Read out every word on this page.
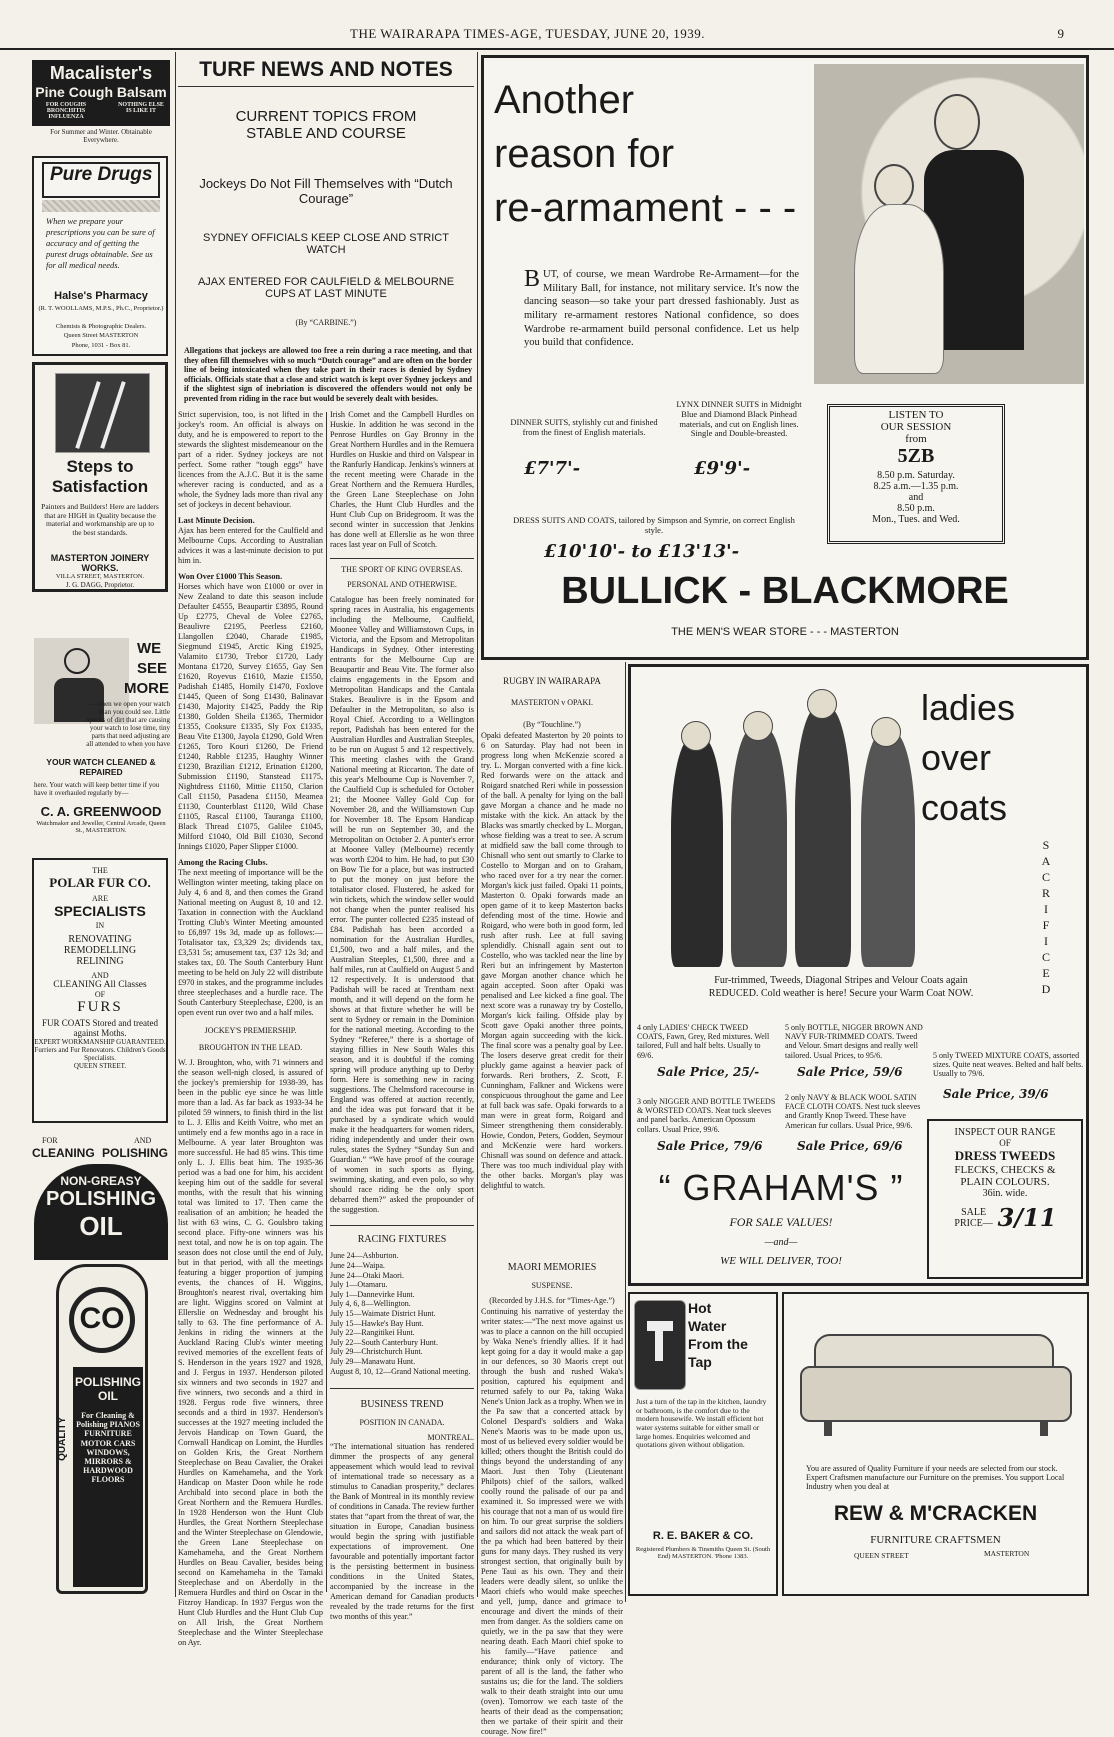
THE WAIRARAPA TIMES-AGE, TUESDAY, JUNE 20, 1939.	9
Macalister's
Pine Cough Balsam
FOR COUGHS BRONCHITIS INFLUENZA
NOTHING ELSE IS LIKE IT
For Summer and Winter. Obtainable Everywhere.
Pure Drugs
When we prepare your prescriptions you can be sure of accuracy and of getting the purest drugs obtainable. See us for all medical needs.
Halse's Pharmacy
(R. T. WOOLLAMS, M.P.S., Ph.C., Proprietor.)
Chemists & Photographic Dealers.
Queen Street MASTERTON
Phone, 1031 - Box 81.
Steps to
Satisfaction
Painters and Builders! Here are ladders that are HIGH in Quality because the material and workmanship are up to the best standards.
MASTERTON JOINERY WORKS.
VILLA STREET, MASTERTON.
J. G. DAGG, Proprietor.
WE
SEE
MORE
—when we open your watch than you could see. Little specks of dirt that are causing your watch to lose time, tiny parts that need adjusting are all attended to when you have
YOUR WATCH CLEANED & REPAIRED
here. Your watch will keep better time if you have it overhauled regularly by—
C. A. GREENWOOD
Watchmaker and Jeweller, Central Arcade, Queen St., MASTERTON.
THE
POLAR FUR CO.
ARE
SPECIALISTS
IN
RENOVATING
REMODELLING
RELINING
AND
CLEANING All Classes
OF
FURS
FUR COATS Stored and treated against Moths.
EXPERT WORKMANSHIP GUARANTEED.
Furriers and Fur Renovators. Children's Goods Specialists.
QUEEN STREET.
FOR	AND
CLEANING POLISHING
NON-GREASY
POLISHING
OIL
CO
QUALITY
POLISHING OIL
For Cleaning & Polishing PIANOS FURNITURE MOTOR CARS WINDOWS, MIRRORS & HARDWOOD FLOORS
TURF NEWS AND NOTES
CURRENT TOPICS FROM STABLE AND COURSE
Jockeys Do Not Fill Themselves with “Dutch Courage”
SYDNEY OFFICIALS KEEP CLOSE AND STRICT WATCH
AJAX ENTERED FOR CAULFIELD & MELBOURNE CUPS AT LAST MINUTE
(By “CARBINE.”)
Allegations that jockeys are allowed too free a rein during a race meeting, and that they often fill themselves with so much “Dutch courage” and are often on the border line of being intoxicated when they take part in their races is denied by Sydney officials. Officials state that a close and strict watch is kept over Sydney jockeys and if the slightest sign of inebriation is discovered the offenders would not only be prevented from riding in the race but would be severely dealt with besides.
Strict supervision, too, is not lifted in the jockey's room. An official is always on duty, and he is empowered to report to the stewards the slightest misdemeanour on the part of a rider. Sydney jockeys are not perfect. Some rather “tough eggs” have licences from the A.J.C. But it is the same wherever racing is conducted, and as a whole, the Sydney lads more than rival any set of jockeys in decent behaviour.
Last Minute Decision.
Ajax has been entered for the Caulfield and Melbourne Cups. According to Australian advices it was a last-minute decision to put him in.
Won Over £1000 This Season.
Horses which have won £1000 or over in New Zealand to date this season include Defaulter £4555, Beaupartir £3895, Round Up £2775, Cheval de Volee £2765, Beaulivre £2195, Peerless £2160, Llangollen £2040, Charade £1985, Siegmund £1945, Arctic King £1925, Valamito £1730, Trebor £1720, Lady Montana £1720, Survey £1655, Gay Sen £1620, Royevus £1610, Mazie £1550, Padishah £1485, Homily £1470, Foxlove £1445, Queen of Song £1430, Balinavar £1430, Majority £1425, Paddy the Rip £1380, Golden Sheila £1365, Thermidor £1355, Cooksure £1335, Sly Fox £1335, Beau Vite £1300, Jayola £1290, Gold Wren £1265, Toro Kouri £1260, De Friend £1240, Rabble £1235, Haughty Winner £1230, Brazilian £1212, Erination £1200, Submission £1190, Stanstead £1175, Nightdress £1160, Mittie £1150, Clarion Call £1150, Pasadena £1150, Meamea £1130, Counterblast £1120, Wild Chase £1105, Rascal £1100, Tauranga £1100, Black Thread £1075, Galilee £1045, Milford £1040, Old Bill £1030, Second Innings £1020, Paper Slipper £1000.
Among the Racing Clubs.
The next meeting of importance will be the Wellington winter meeting, taking place on July 4, 6 and 8, and then comes the Grand National meeting on August 8, 10 and 12. Taxation in connection with the Auckland Trotting Club's Winter Meeting amounted to £6,897 19s 3d, made up as follows:—Totalisator tax, £3,329 2s; dividends tax, £3,531 5s; amusement tax, £37 12s 3d; and stakes tax, £0. The South Canterbury Hunt meeting to be held on July 22 will distribute £970 in stakes, and the programme includes three steeplechases and a hurdle race. The South Canterbury Steeplechase, £200, is an open event run over two and a half miles.
JOCKEY'S PREMIERSHIP.
BROUGHTON IN THE LEAD.
W. J. Broughton, who, with 71 winners and the season well-nigh closed, is assured of the jockey's premiership for 1938-39, has been in the public eye since he was little more than a lad. As far back as 1933-34 he piloted 59 winners, to finish third in the list to L. J. Ellis and Keith Voitre, who met an untimely end a few months ago in a race in Melbourne. A year later Broughton was more successful. He had 85 wins. This time only L. J. Ellis beat him. The 1935-36 period was a bad one for him, his accident keeping him out of the saddle for several months, with the result that his winning total was limited to 17. Then came the realisation of an ambition; he headed the list with 63 wins, C. G. Goulsbro taking second place. Fifty-one winners was his next total, and now he is on top again. The season does not close until the end of July, but in that period, with all the meetings featuring a bigger proportion of jumping events, the chances of H. Wiggins, Broughton's nearest rival, overtaking him are light. Wiggins scored on Valmint at Ellerslie on Wednesday and brought his tally to 63. The fine performance of A. Jenkins in riding the winners at the Auckland Racing Club's winter meeting revived memories of the excellent feats of S. Henderson in the years 1927 and 1928, and J. Fergus in 1937. Henderson piloted six winners and two seconds in 1927 and five winners, two seconds and a third in 1928. Fergus rode five winners, three seconds and a third in 1937. Henderson's successes at the 1927 meeting included the Jervois Handicap on Town Guard, the Cornwall Handicap on Lomint, the Hurdles on Golden Kris, the Great Northern Steeplechase on Beau Cavalier, the Orakei Hurdles on Kamehameha, and the York Handicap on Master Doon while he rode Archibald into second place in both the Great Northern and the Remuera Hurdles. In 1928 Henderson won the Hunt Club Hurdles, the Great Northern Steeplechase and the Winter Steeplechase on Glendowie, the Green Lane Steeplechase on Kamehameha, and the Great Northern Hurdles on Beau Cavalier, besides being second on Kamehameha in the Tamaki Steeplechase and on Aberdolly in the Remuera Hurdles and third on Oscar in the Fitzroy Handicap. In 1937 Fergus won the Hunt Club Hurdles and the Hunt Club Cup on All Irish, the Great Northern Steeplechase and the Winter Steeplechase on Ayr.
Irish Comet and the Campbell Hurdles on Huskie. In addition he was second in the Penrose Hurdles on Gay Bronny in the Great Northern Hurdles and in the Remuera Hurdles on Huskie and third on Valspear in the Ranfurly Handicap. Jenkins's winners at the recent meeting were Charade in the Great Northern and the Remuera Hurdles, the Green Lane Steeplechase on John Charles, the Hunt Club Hurdles and the Hunt Club Cup on Bridegroom. It was the second winter in succession that Jenkins has done well at Ellerslie as he won three races last year on Full of Scotch.
THE SPORT OF KING OVERSEAS.
PERSONAL AND OTHERWISE.
Catalogue has been freely nominated for spring races in Australia, his engagements including the Melbourne, Caulfield, Moonee Valley and Williamstown Cups, in Victoria, and the Epsom and Metropolitan Handicaps in Sydney. Other interesting entrants for the Melbourne Cup are Beaupartir and Beau Vite. The former also claims engagements in the Epsom and Metropolitan Handicaps and the Cantala Stakes. Beaulivre is in the Epsom and Defaulter in the Metropolitan, so also is Royal Chief. According to a Wellington report, Padishah has been entered for the Australian Hurdles and Australian Steeples, to be run on August 5 and 12 respectively. This meeting clashes with the Grand National meeting at Riccarton. The date of this year's Melbourne Cup is November 7, the Caulfield Cup is scheduled for October 21; the Moonee Valley Gold Cup for November 28, and the Williamstown Cup for November 18. The Epsom Handicap will be run on September 30, and the Metropolitan on October 2. A punter's error at Moonee Valley (Melbourne) recently was worth £204 to him. He had, to put £30 on Bow Tie for a place, but was instructed to put the money on just before the totalisator closed. Flustered, he asked for win tickets, which the window seller would not change when the punter realised his error. The punter collected £235 instead of £84. Padishah has been accorded a nomination for the Australian Hurdles, £1,500, two and a half miles, and the Australian Steeples, £1,500, three and a half miles, run at Caulfield on August 5 and 12 respectively. It is understood that Padishah will be raced at Trentham next month, and it will depend on the form he shows at that fixture whether he will be sent to Sydney or remain in the Dominion for the national meeting. According to the Sydney “Referee,” there is a shortage of staying fillies in New South Wales this season, and it is doubtful if the coming spring will produce anything up to Derby form. Here is something new in racing suggestions. The Chelmsford racecourse in England was offered at auction recently, and the idea was put forward that it be purchased by a syndicate which would make it the headquarters for women riders, riding independently and under their own rules, states the Sydney “Sunday Sun and Guardian.” “We have proof of the courage of women in such sports as flying, swimming, skating, and even polo, so why should race riding be the only sport debarred them?” asked the propounder of the suggestion.
RACING FIXTURES
June 24—Ashburton.
June 24—Waipa.
June 24—Otaki Maori.
July 1—Otamaru.
July 1—Dannevirke Hunt.
July 4, 6, 8—Wellington.
July 15—Waimate District Hunt.
July 15—Hawke's Bay Hunt.
July 22—Rangitikei Hunt.
July 22—South Canterbury Hunt.
July 29—Christchurch Hunt.
July 29—Manawatu Hunt.
August 8, 10, 12—Grand National meeting.
BUSINESS TREND
POSITION IN CANADA.
MONTREAL.
“The international situation has rendered dimmer the prospects of any general appeasement which would lead to revival of international trade so necessary as a stimulus to Canadian prosperity,” declares the Bank of Montreal in its monthly review of conditions in Canada. The review further states that “apart from the threat of war, the situation in Europe, Canadian business would begin the spring with justifiable expectations of improvement. One favourable and potentially important factor is the persisting betterment in business conditions in the United States, accompanied by the increase in the American demand for Canadian products revealed by the trade returns for the first two months of this year.”
Another
reason for
re-armament - - -
B UT, of course, we mean Wardrobe Re-Armament—for the Military Ball, for instance, not military service. It's now the dancing season—so take your part dressed fashionably. Just as military re-armament restores National confidence, so does Wardrobe re-armament build personal confidence. Let us help you build that confidence.
DINNER SUITS, stylishly cut and finished from the finest of English materials.
£7'7'-
LYNX DINNER SUITS in Midnight Blue and Diamond Black Pinhead materials, and cut on English lines. Single and Double-breasted.
£9'9'-
DRESS SUITS AND COATS, tailored by Simpson and Symrie, on correct English style.
£10'10'- to £13'13'-
LISTEN TO
OUR SESSION
from
5ZB
8.50 p.m. Saturday.
8.25 a.m.—1.35 p.m.
and
8.50 p.m.
Mon., Tues. and Wed.
BULLICK - BLACKMORE
THE MEN'S WEAR STORE - - - MASTERTON
RUGBY IN WAIRARAPA
MASTERTON v OPAKI.
(By “Touchline.”)
Opaki defeated Masterton by 20 points to 6 on Saturday. Play had not been in progress long when McKenzie scored a try. L. Morgan converted with a fine kick. Red forwards were on the attack and Roigard snatched Reri while in possession of the ball. A penalty for lying on the ball gave Morgan a chance and he made no mistake with the kick. An attack by the Blacks was smartly checked by L. Morgan, whose fielding was a treat to see. A scrum at midfield saw the ball come through to Chisnall who sent out smartly to Clarke to Costello to Morgan and on to Graham, who raced over for a try near the corner. Morgan's kick just failed. Opaki 11 points, Masterton 0. Opaki forwards made an open game of it to keep Masterton backs defending most of the time. Howie and Roigard, who were both in good form, led rush after rush. Lee at full saving splendidly. Chisnall again sent out to Costello, who was tackled near the line by Reri but an infringement by Masterton gave Morgan another chance which he again accepted. Soon after Opaki was penalised and Lee kicked a fine goal. The next score was a runaway try by Costello, Morgan's kick failing. Offside play by Scott gave Opaki another three points, Morgan again succeeding with the kick. The final score was a penalty goal by Lee. The losers deserve great credit for their pluckly game against a heavier pack of forwards. Reri brothers, Z. Scott, F. Cunningham, Falkner and Wickens were conspicuous throughout the game and Lee at full back was safe. Opaki forwards to a man were in great form, Roigard and Simeer strengthening them considerably. Howie, Condon, Peters, Godden, Seymour and McKenzie were hard workers. Chisnall was sound on defence and attack. There was too much individual play with the other backs. Morgan's play was delightful to watch.
MAORI MEMORIES
SUSPENSE.
(Recorded by J.H.S. for “Times-Age.”)
Continuing his narrative of yesterday the writer states:—“The next move against us was to place a cannon on the hill occupied by Waka Nene's friendly allies. If it had kept going for a day it would make a gap in our defences, so 30 Maoris crept out through the bush and rushed Waka's position, captured his equipment and returned safely to our Pa, taking Waka Nene's Union Jack as a trophy. When we in the Pa saw that a concerted attack by Colonel Despard's soldiers and Waka Nene's Maoris was to be made upon us, most of us believed every soldier would be killed; others thought the British could do things beyond the understanding of any Maori. Just then Toby (Lieutenant Philpots) chief of the sailors, walked coolly round the palisade of our pa and examined it. So impressed were we with his courage that not a man of us would fire on him. To our great surprise the soldiers and sailors did not attack the weak part of the pa which had been battered by their guns for many days. They rushed its very strongest section, that originally built by Pene Taui as his own. They and their leaders were deadly silent, so unlike the Maori chiefs who would make speeches and yell, jump, dance and grimace to encourage and divert the minds of their men from danger. As the soldiers came on quietly, we in the pa saw that they were nearing death. Each Maori chief spoke to his family—“Have patience and endurance; think only of victory. The parent of all is the land, the father who sustains us; die for the land. The soldiers walk to their death straight into our umu (oven). Tomorrow we each taste of the hearts of their dead as the compensation; then we partake of their spirit and their courage. Now fire!”
ladies
over
coats
S
A
C
R
I
F
I
C
E
D
Fur-trimmed, Tweeds, Diagonal Stripes and Velour Coats again REDUCED. Cold weather is here! Secure your Warm Coat NOW.
4 only LADIES' CHECK TWEED COATS, Fawn, Grey, Red mixtures. Well tailored, Full and half belts. Usually to 69/6.
Sale Price, 25/-
5 only BOTTLE, NIGGER BROWN AND NAVY FUR-TRIMMED COATS. Tweed and Velour. Smart designs and really well tailored. Usual Prices, to 95/6.
Sale Price, 59/6
5 only TWEED MIXTURE COATS, assorted sizes. Quite neat weaves. Belted and half belts. Usually to 79/6.
Sale Price, 39/6
3 only NIGGER AND BOTTLE TWEEDS & WORSTED COATS. Neat tuck sleeves and panel backs. American Opossum collars. Usual Price, 99/6.
Sale Price, 79/6
2 only NAVY & BLACK WOOL SATIN FACE CLOTH COATS. Nest tuck sleeves and Grantly Knop Tweed. These have American fur collars. Usual Price, 99/6.
Sale Price, 69/6
“ GRAHAM'S ”
FOR SALE VALUES!
—and—
WE WILL DELIVER, TOO!
INSPECT OUR RANGE
OF
DRESS TWEEDS
FLECKS, CHECKS &
PLAIN COLOURS.
36in. wide.
SALE PRICE— 3/11
Hot
Water
From the
Tap
Just a turn of the tap in the kitchen, laundry or bathroom, is the comfort due to the modern housewife. We install efficient hot water systems suitable for either small or large homes. Enquiries welcomed and quotations given without obligation.
R. E. BAKER & CO.
Registered Plumbers & Tinsmiths Queen St. (South End) MASTERTON. 'Phone 1383.
You are assured of Quality Furniture if your needs are selected from our stock. Expert Craftsmen manufacture our Furniture on the premises. You support Local Industry when you deal at
REW & M'CRACKEN
FURNITURE CRAFTSMEN
QUEEN STREET	MASTERTON
